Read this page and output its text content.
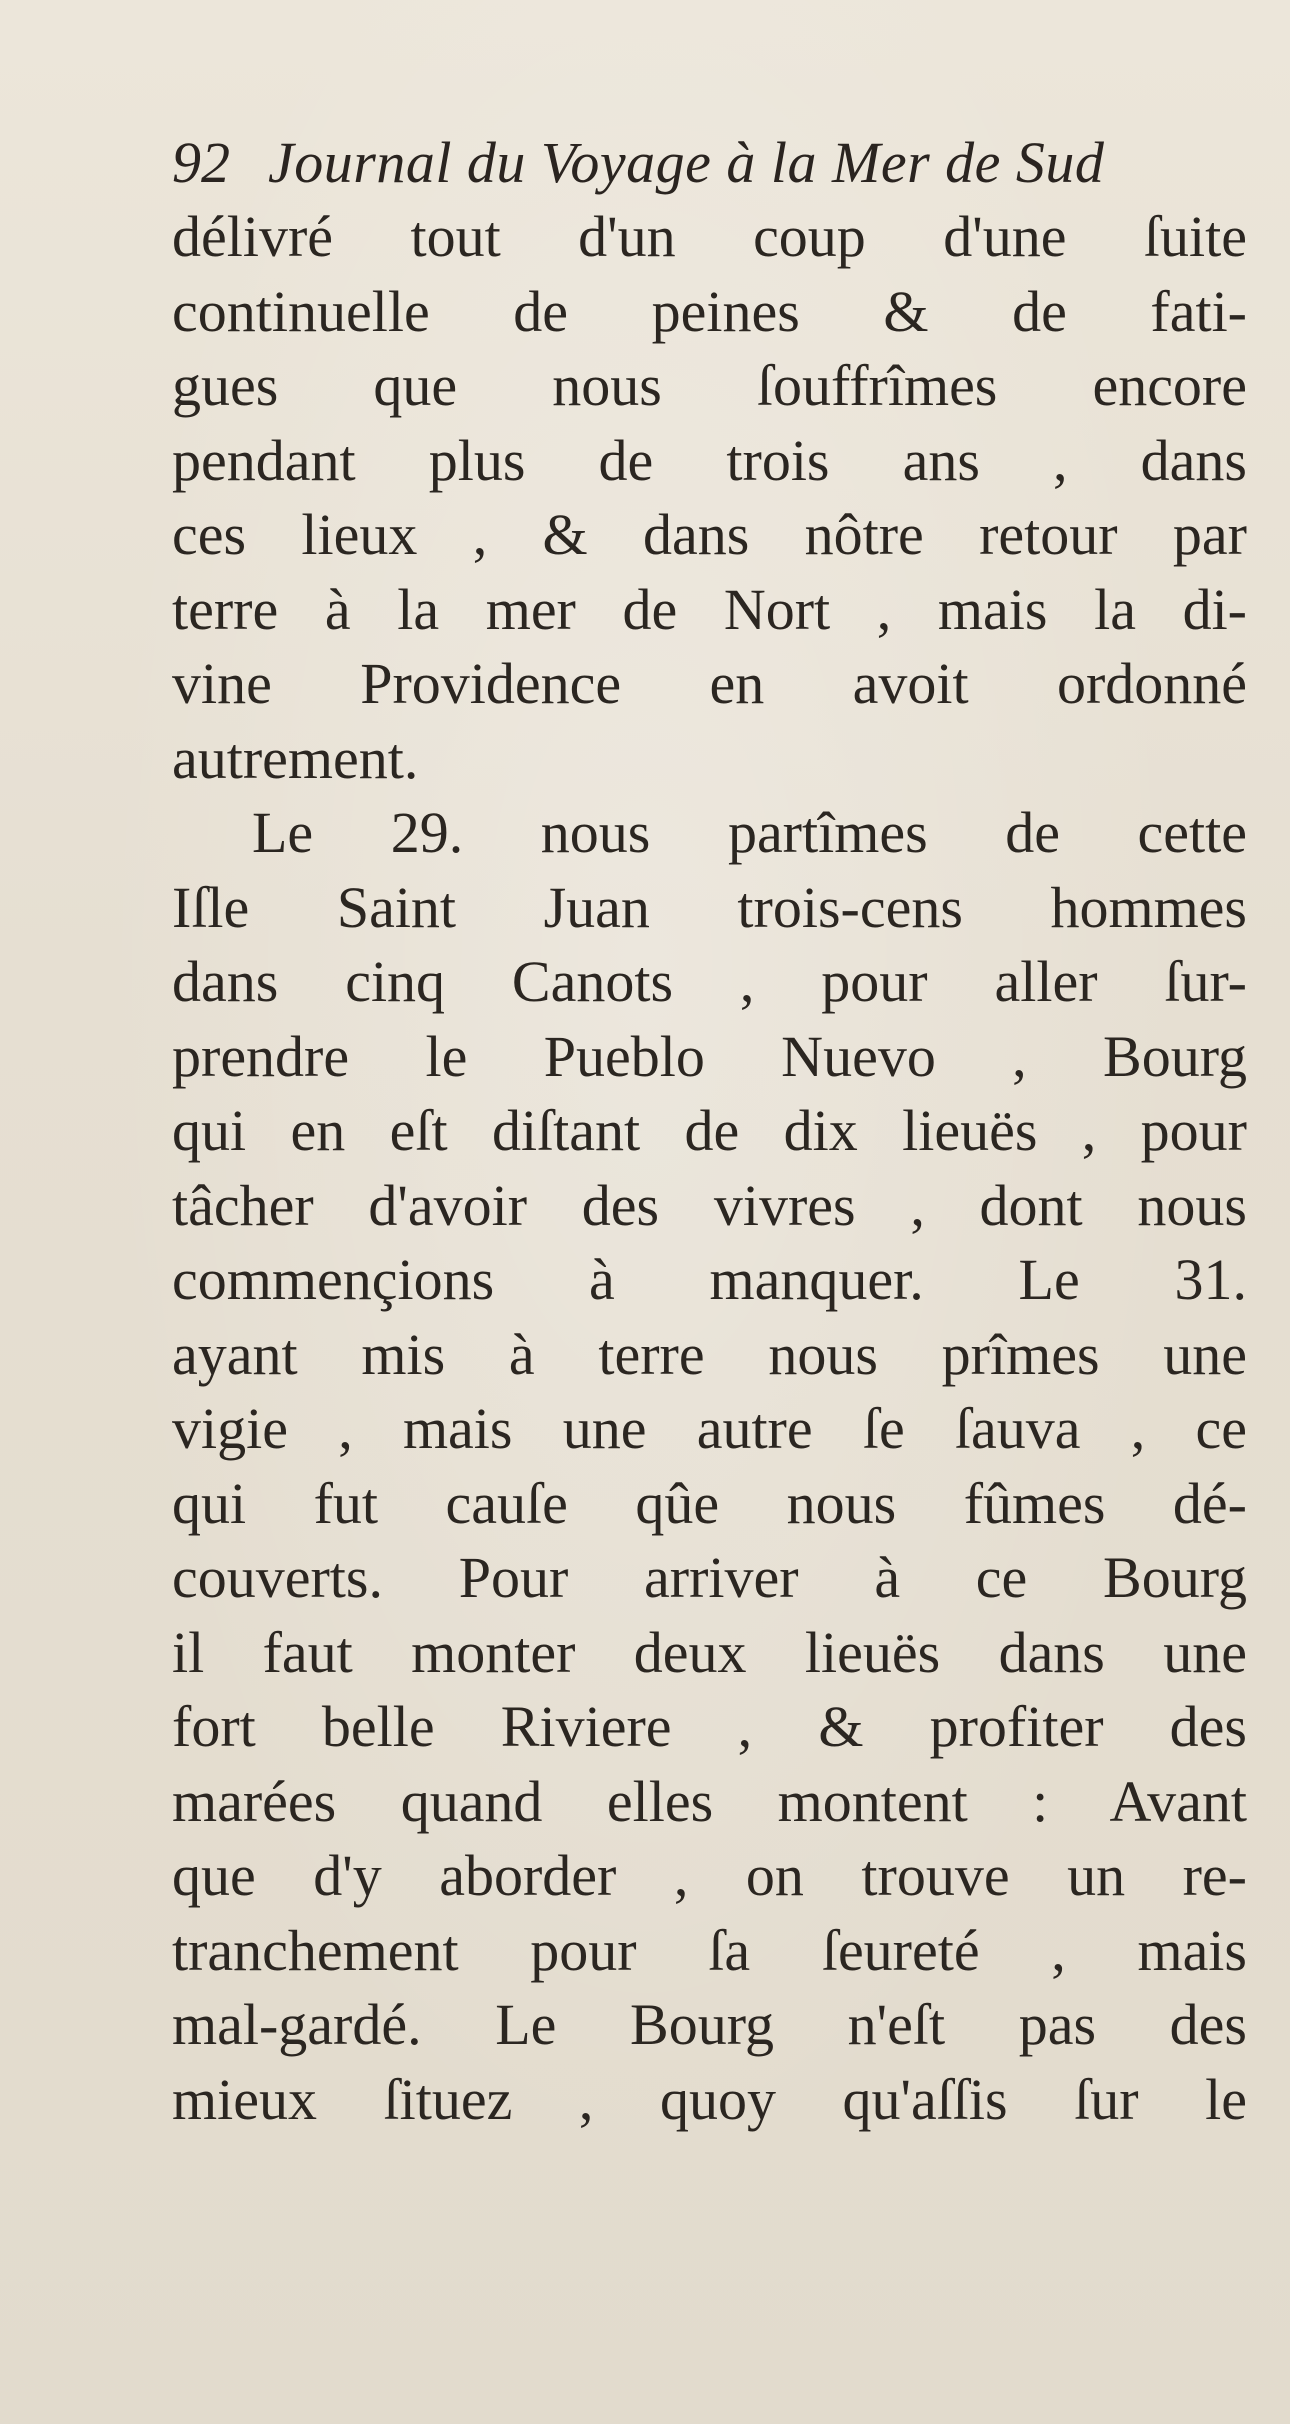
92 Journal du Voyage à la Mer de Sud
délivré tout d'un coup d'une ſuite
continuelle de peines & de fati-
gues que nous ſouffrîmes encore
pendant plus de trois ans , dans
ces lieux , & dans nôtre retour par
terre à la mer de Nort , mais la di-
vine Providence en avoit ordonné
autrement.
Le 29. nous partîmes de cette
Iſle Saint Juan trois-cens hommes
dans cinq Canots , pour aller ſur-
prendre le Pueblo Nuevo , Bourg
qui en eſt diſtant de dix lieuës , pour
tâcher d'avoir des vivres , dont nous
commençions à manquer. Le 31.
ayant mis à terre nous prîmes une
vigie , mais une autre ſe ſauva , ce
qui fut cauſe qûe nous fûmes dé-
couverts. Pour arriver à ce Bourg
il faut monter deux lieuës dans une
fort belle Riviere , & profiter des
marées quand elles montent : Avant
que d'y aborder , on trouve un re-
tranchement pour ſa ſeureté , mais
mal-gardé. Le Bourg n'eſt pas des
mieux ſituez , quoy qu'aſſis ſur le
